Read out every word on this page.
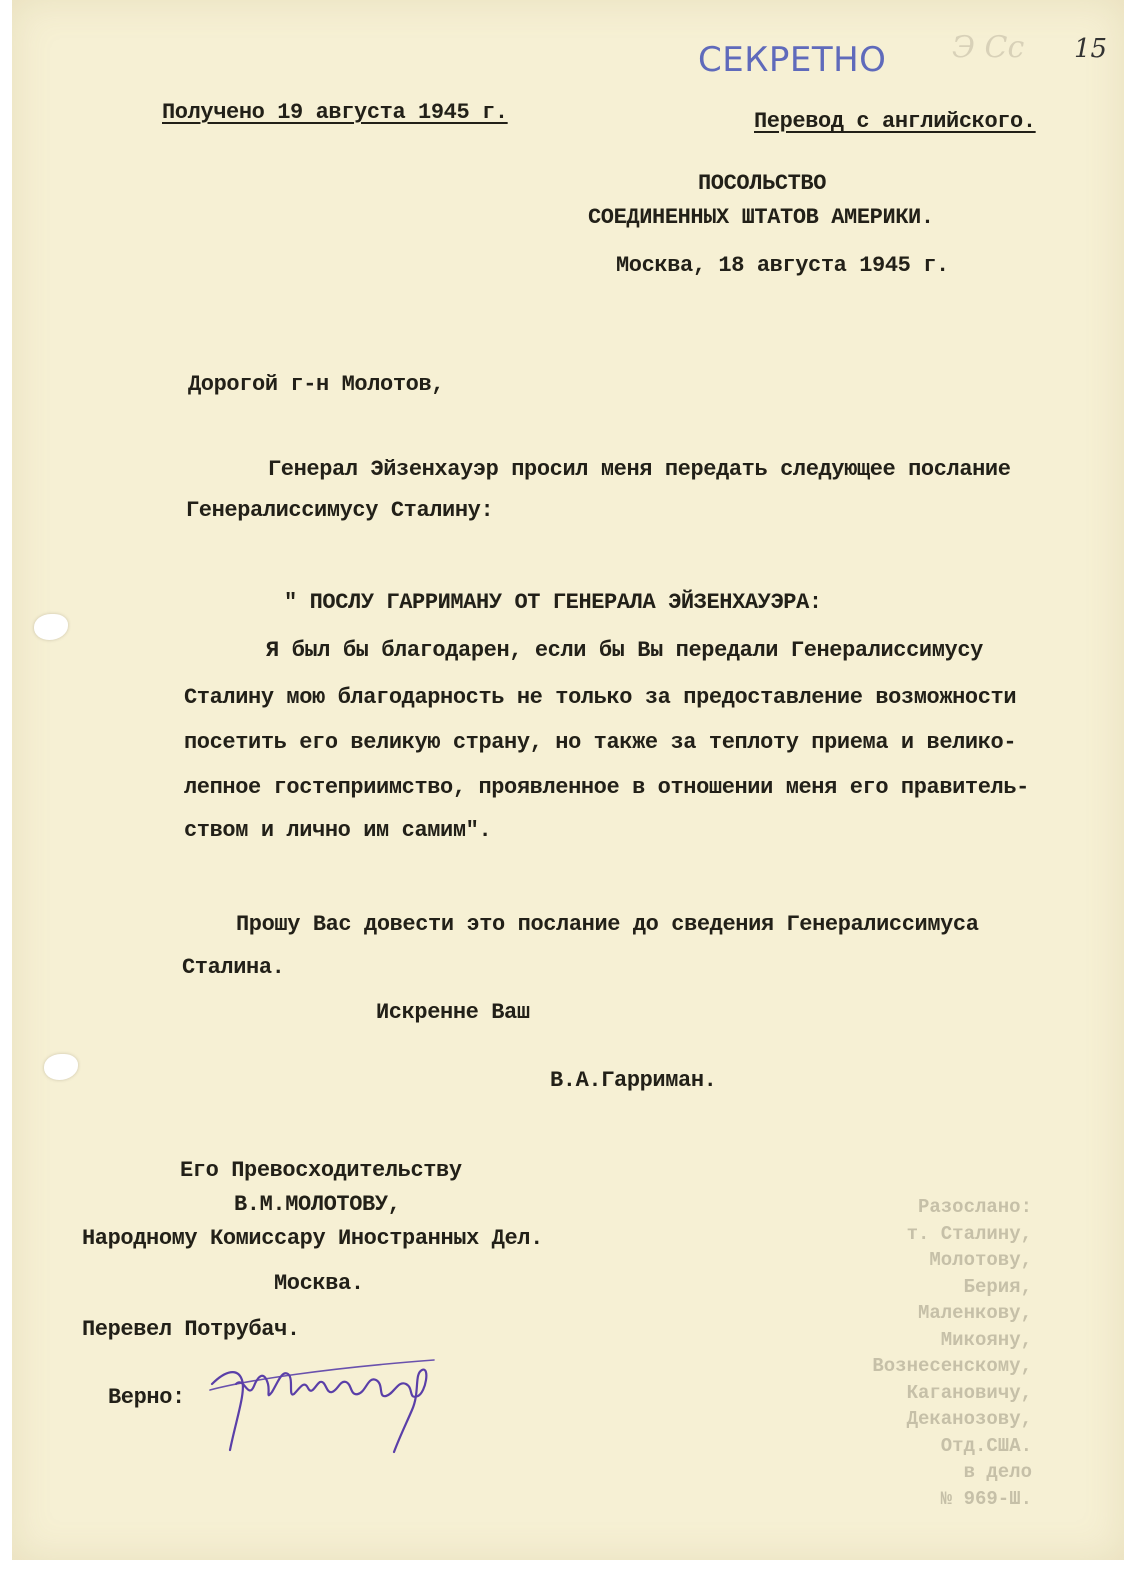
Э Сс
СЕКРЕТНО	15
Получено 19 августа 1945 г.	Перевод с английского.
ПОСОЛЬСТВО
СОЕДИНЕННЫХ ШТАТОВ АМЕРИКИ.
Москва, 18 августа 1945 г.
Дорогой г-н Молотов,
Генерал Эйзенхауэр просил меня передать следующее послание
Генералиссимусу Сталину:
" ПОСЛУ ГАРРИМАНУ ОТ ГЕНЕРАЛА ЭЙЗЕНХАУЭРА:
Я был бы благодарен, если бы Вы передали Генералиссимусу
Сталину мою благодарность не только за предоставление возможности
посетить его великую страну, но также за теплоту приема и велико-
лепное гостеприимство, проявленное в отношении меня его правитель-
ством и лично им самим".
Прошу Вас довести это послание до сведения Генералиссимуса
Сталина.
Искренне Ваш
В.А.Гарриман.
Его Превосходительству
В.М.МОЛОТОВУ,
Народному Комиссару Иностранных Дел.
Москва.
Перевел Потрубач.
Верно:
Разослано:
т. Сталину,
Молотову,
Берия,
Маленкову,
Микояну,
Вознесенскому,
Кагановичу,
Деканозову,
Отд.США.
в дело
№ 969-Ш.
